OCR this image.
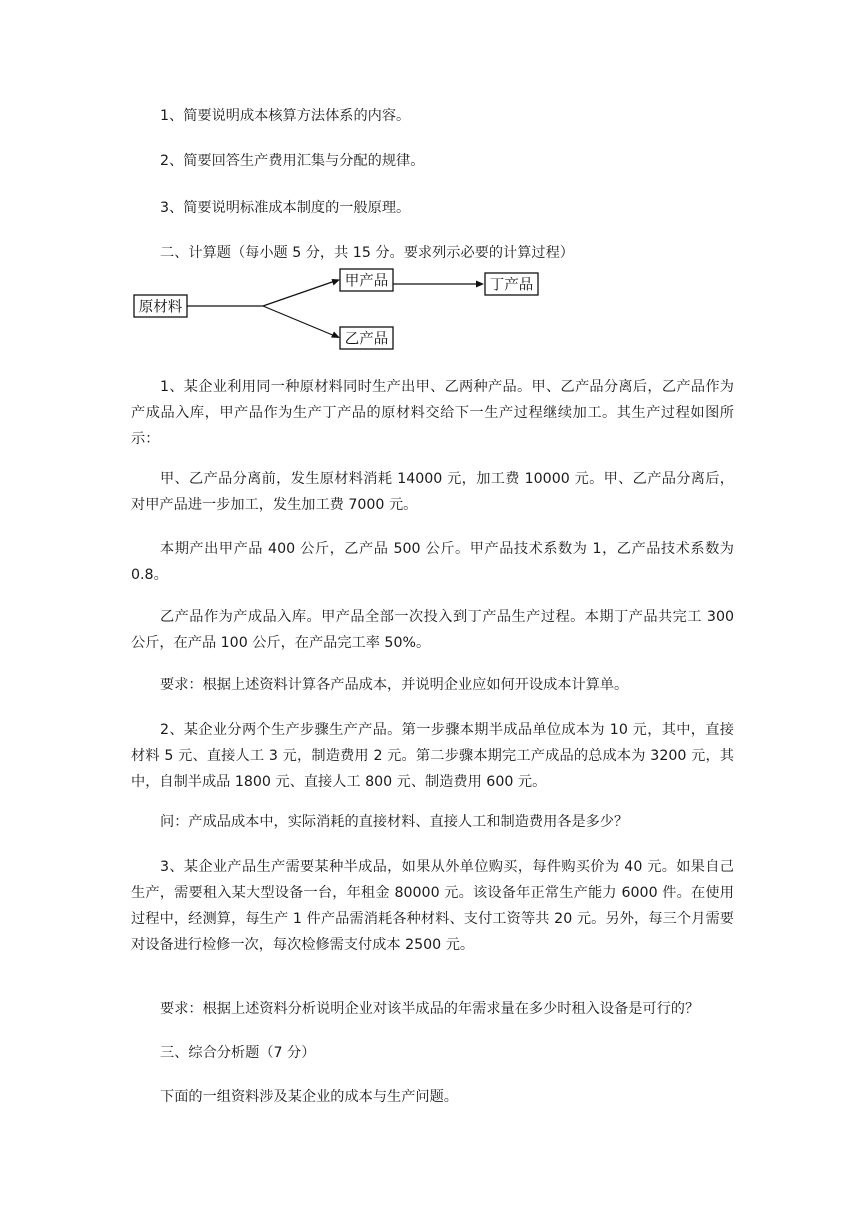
1、简要说明成本核算方法体系的内容。

2、简要回答生产费用汇集与分配的规律。

3、简要说明标准成本制度的一般原理。

二、计算题（每小题 5 分，共 15 分。要求列示必要的计算过程）

原材料
甲产品	丁产品
乙产品

1、某企业利用同一种原材料同时生产出甲、乙两种产品。甲、乙产品分离后，乙产品作为产成品入库，甲产品作为生产丁产品的原材料交给下一生产过程继续加工。其生产过程如图所示：

甲、乙产品分离前，发生原材料消耗 14000 元，加工费 10000 元。甲、乙产品分离后，对甲产品进一步加工，发生加工费 7000 元。

本期产出甲产品 400 公斤，乙产品 500 公斤。甲产品技术系数为 1，乙产品技术系数为 0.8。

乙产品作为产成品入库。甲产品全部一次投入到丁产品生产过程。本期丁产品共完工 300 公斤，在产品 100 公斤，在产品完工率 50%。

要求：根据上述资料计算各产品成本，并说明企业应如何开设成本计算单。

2、某企业分两个生产步骤生产产品。第一步骤本期半成品单位成本为 10 元，其中，直接材料 5 元、直接人工 3 元，制造费用 2 元。第二步骤本期完工产成品的总成本为 3200 元，其中，自制半成品 1800 元、直接人工 800 元、制造费用 600 元。

问：产成品成本中，实际消耗的直接材料、直接人工和制造费用各是多少？

3、某企业产品生产需要某种半成品，如果从外单位购买，每件购买价为 40 元。如果自己生产，需要租入某大型设备一台，年租金 80000 元。该设备年正常生产能力 6000 件。在使用过程中，经测算，每生产 1 件产品需消耗各种材料、支付工资等共 20 元。另外，每三个月需要对设备进行检修一次，每次检修需支付成本 2500 元。

要求：根据上述资料分析说明企业对该半成品的年需求量在多少时租入设备是可行的？

三、综合分析题（7 分）

下面的一组资料涉及某企业的成本与生产问题。
